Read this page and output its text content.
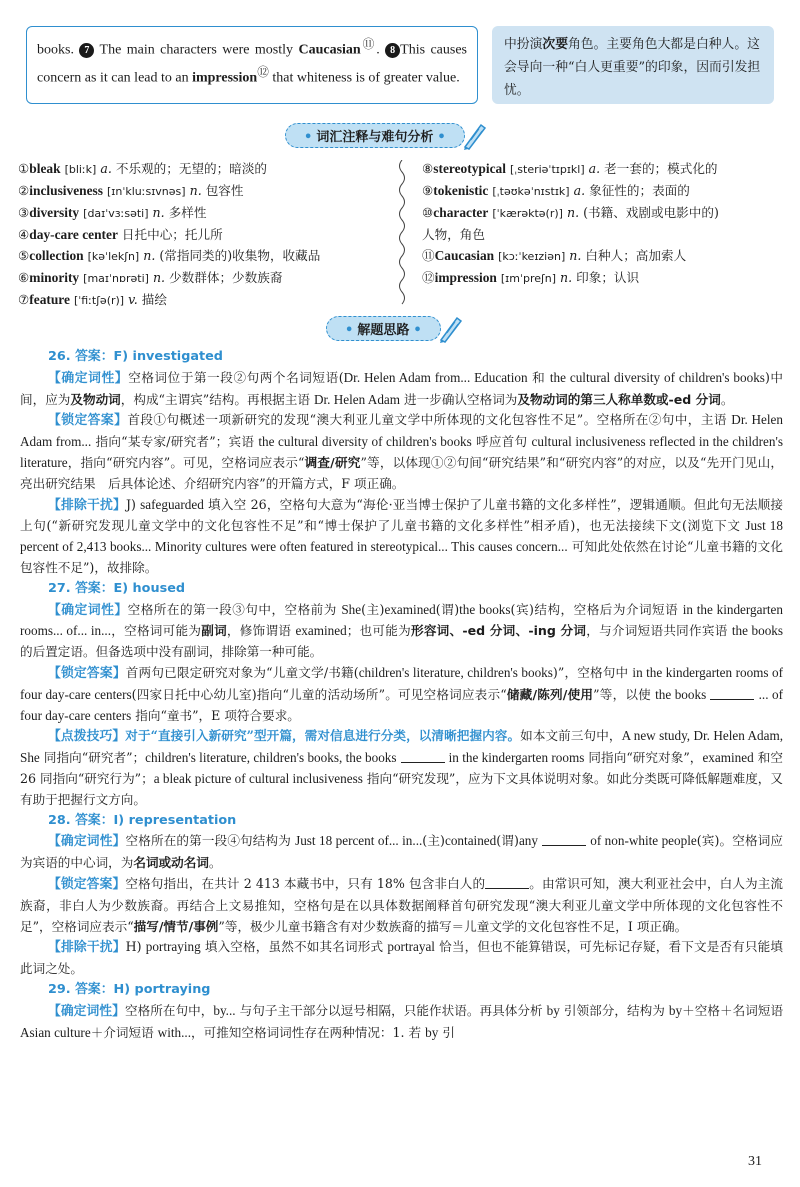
books. 7 The main characters were mostly Caucasian⑪. 8 This causes concern as it can lead to an impression⑫ that whiteness is of greater value.
中扮演次要角色。主要角色大都是白种人。这会导向一种“白人更重要”的印象，因而引发担忧。
• 词汇注释与难句分析 •
①bleak [bliːk] a. 不乐观的；无望的；暗淡的
②inclusiveness [ɪnˈkluːsɪvnəs] n. 包容性
③diversity [daɪˈvɜːsəti] n. 多样性
④day-care center 日托中心；托儿所
⑤collection [kəˈlekʃn] n. (常指同类的)收集物，收藏品
⑥minority [maɪˈnɒrəti] n. 少数群体；少数族裔
⑦feature [ˈfiːtʃə(r)] v. 描绘
⑧stereotypical [ˌsteriəˈtɪpɪkl] a. 老一套的；模式化的
⑨tokenistic [ˌtəʊkəˈnɪstɪk] a. 象征性的；表面的
⑩character [ˈkærəktə(r)] n. (书籍、戏剧或电影中的)
人物，角色
⑪Caucasian [kɔːˈkeɪziən] n. 白种人；高加索人
⑫impression [ɪmˈpreʃn] n. 印象；认识
• 解题思路 •

26. 答案：F) investigated

【确定词性】空格词位于第一段②句两个名词短语(Dr. Helen Adam from... Education 和 the cultural diversity of children's books)中间，应为及物动词，构成“主谓宾”结构。再根据主语 Dr. Helen Adam 进一步确认空格词为及物动词的第三人称单数或-ed 分词。

【锁定答案】首段①句概述一项新研究的发现“澳大利亚儿童文学中所体现的文化包容性不足”。空格所在②句中，主语 Dr. Helen Adam from... 指向“某专家/研究者”；宾语 the cultural diversity of children's books 呼应首句 cultural inclusiveness reflected in the children's literature，指向“研究内容”。可见，空格词应表示“调查/研究”等，以体现①②句间“研究结果”和“研究内容”的对应，以及“先开门见山，亮出研究结果　后具体论述、介绍研究内容”的开篇方式，F 项正确。

【排除干扰】J) safeguarded 填入空 26，空格句大意为“海伦·亚当博士保护了儿童书籍的文化多样性”，逻辑通顺。但此句无法顺接上句(“新研究发现儿童文学中的文化包容性不足”和“博士保护了儿童书籍的文化多样性”相矛盾)，也无法接续下文(浏览下文 Just 18 percent of 2,413 books... Minority cultures were often featured in stereotypical... This causes concern... 可知此处依然在讨论“儿童书籍的文化包容性不足”)，故排除。

27. 答案：E) housed

【确定词性】空格所在的第一段③句中，空格前为 She(主)examined(谓)the books(宾)结构，空格后为介词短语 in the kindergarten rooms... of... in...，空格词可能为副词，修饰谓语 examined；也可能为形容词、-ed 分词、-ing 分词，与介词短语共同作宾语 the books 的后置定语。但备选项中没有副词，排除第一种可能。

【锁定答案】首两句已限定研究对象为“儿童文学/书籍(children's literature, children's books)”，空格句中 in the kindergarten rooms of four day-care centers(四家日托中心幼儿室)指向“儿童的活动场所”。可见空格词应表示“储藏/陈列/使用”等，以使 the books	... of four day-care centers 指向“童书”，E 项符合要求。

【点拨技巧】对于“直接引入新研究”型开篇，需对信息进行分类，以清晰把握内容。如本文前三句中，A new study, Dr. Helen Adam, She 同指向“研究者”；children's literature, children's books, the books	in the kindergarten rooms 同指向“研究对象”，examined 和空 26 同指向“研究行为”；a bleak picture of cultural inclusiveness 指向“研究发现”，应为下文具体说明对象。如此分类既可降低解题难度，又有助于把握行文方向。

28. 答案：I) representation

【确定词性】空格所在的第一段④句结构为 Just 18 percent of... in...(主)contained(谓)any	of non-white people(宾)。空格词应为宾语的中心词，为名词或动名词。

【锁定答案】空格句指出，在共计 2 413 本藏书中，只有 18% 包含非白人的	。由常识可知，澳大利亚社会中，白人为主流族裔，非白人为少数族裔。再结合上文易推知，空格句是在以具体数据阐释首句研究发现“澳大利亚儿童文学中所体现的文化包容性不足”，空格词应表示“描写/情节/事例”等，极少儿童书籍含有对少数族裔的描写＝儿童文学的文化包容性不足，I 项正确。

【排除干扰】H) portraying 填入空格，虽然不如其名词形式 portrayal 恰当，但也不能算错误，可先标记存疑，看下文是否有只能填此词之处。

29. 答案：H) portraying

【确定词性】空格所在句中，by... 与句子主干部分以逗号相隔，只能作状语。再具体分析 by 引领部分，结构为 by＋空格＋名词短语 Asian culture＋介词短语 with...，可推知空格词词性存在两种情况：1. 若 by 引

31
